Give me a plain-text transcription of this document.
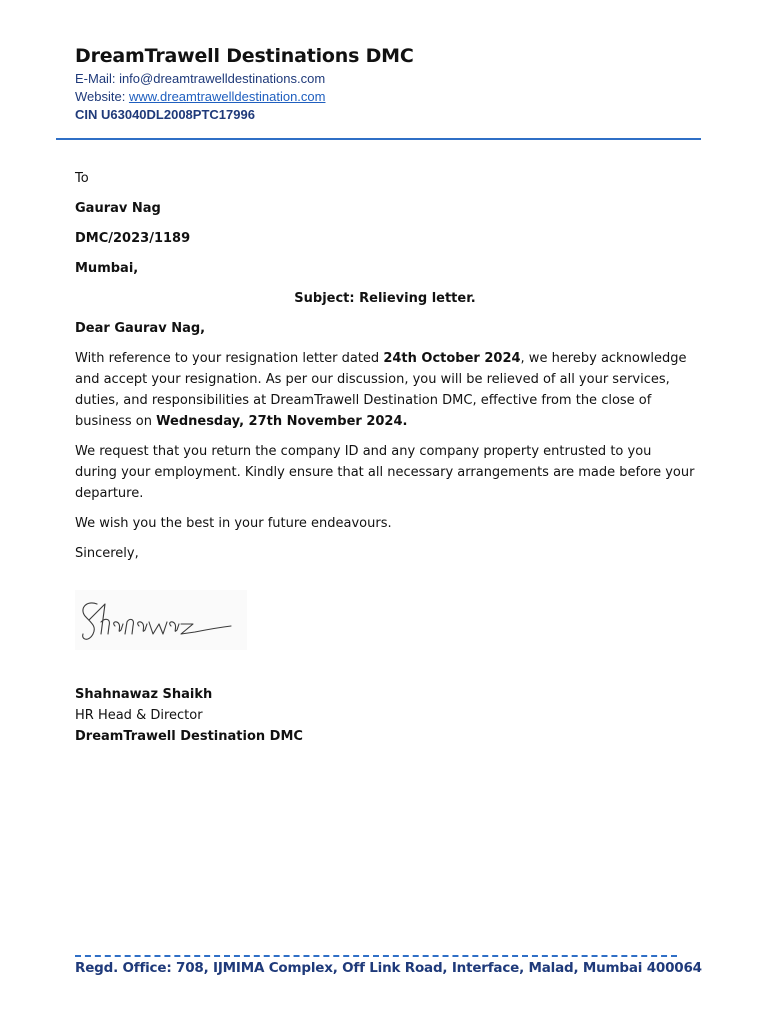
DreamTrawell Destinations DMC
E-Mail: info@dreamtrawelldestinations.com
Website: www.dreamtrawelldestination.com
CIN U63040DL2008PTC17996

To

Gaurav Nag

DMC/2023/1189

Mumbai,

Subject: Relieving letter.

Dear Gaurav Nag,

With reference to your resignation letter dated 24th October 2024, we hereby acknowledge and accept your resignation. As per our discussion, you will be relieved of all your services, duties, and responsibilities at DreamTrawell Destination DMC, effective from the close of business on Wednesday, 27th November 2024.

We request that you return the company ID and any company property entrusted to you during your employment. Kindly ensure that all necessary arrangements are made before your departure.

We wish you the best in your future endeavours.

Sincerely,

Shahnawaz Shaikh
HR Head & Director
DreamTrawell Destination DMC
Regd. Office: 708, IJMIMA Complex, Off Link Road, Interface, Malad, Mumbai 400064
